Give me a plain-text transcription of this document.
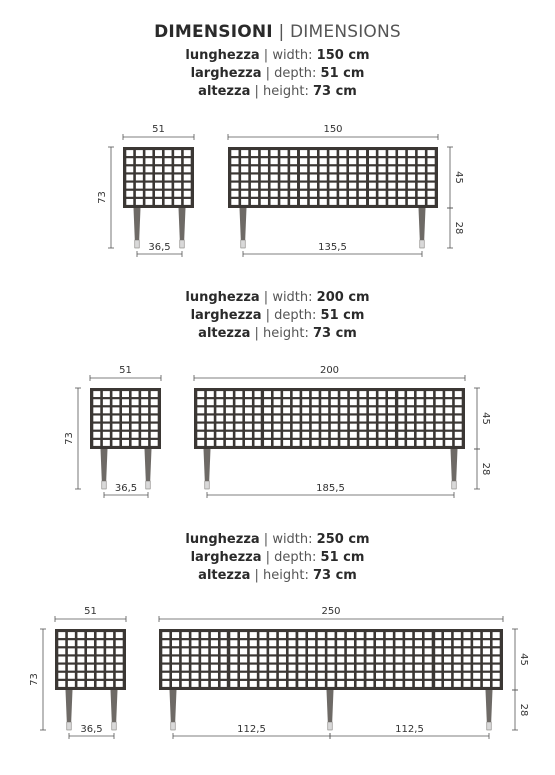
DIMENSIONI | DIMENSIONS
lunghezza | width: 150 cm
larghezza | depth: 51 cm
altezza | height: 73 cm
lunghezza | width: 200 cm
larghezza | depth: 51 cm
altezza | height: 73 cm
lunghezza | width: 250 cm
larghezza | depth: 51 cm
altezza | height: 73 cm
51
73
36,5
150
45
28
135,5
51
73
36,5
200
45
28
185,5
51
73
36,5
250
45
28
112,5	112,5
